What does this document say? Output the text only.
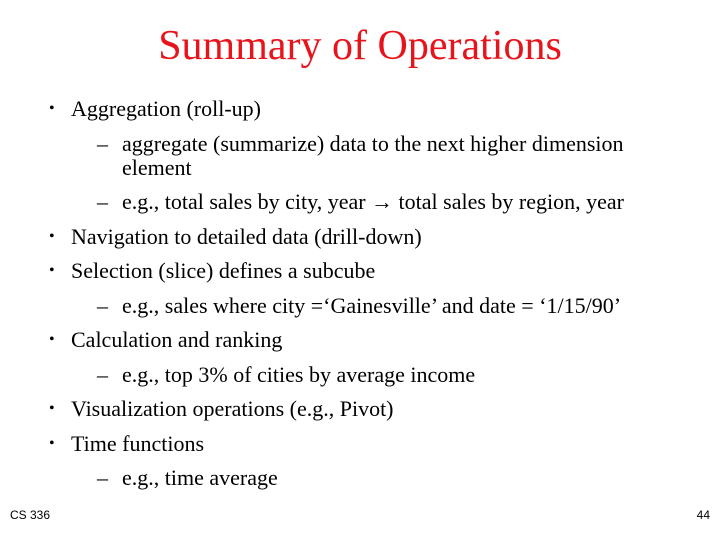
Summary of Operations
• Aggregation (roll-up)
– aggregate (summarize) data to the next higher dimension
element
– e.g., total sales by city, year → total sales by region, year
• Navigation to detailed data (drill-down)
• Selection (slice) defines a subcube
– e.g., sales where city =‘Gainesville’ and date = ‘1/15/90’
• Calculation and ranking
– e.g., top 3% of cities by average income
• Visualization operations (e.g., Pivot)
• Time functions
– e.g., time average
CS 336	44
